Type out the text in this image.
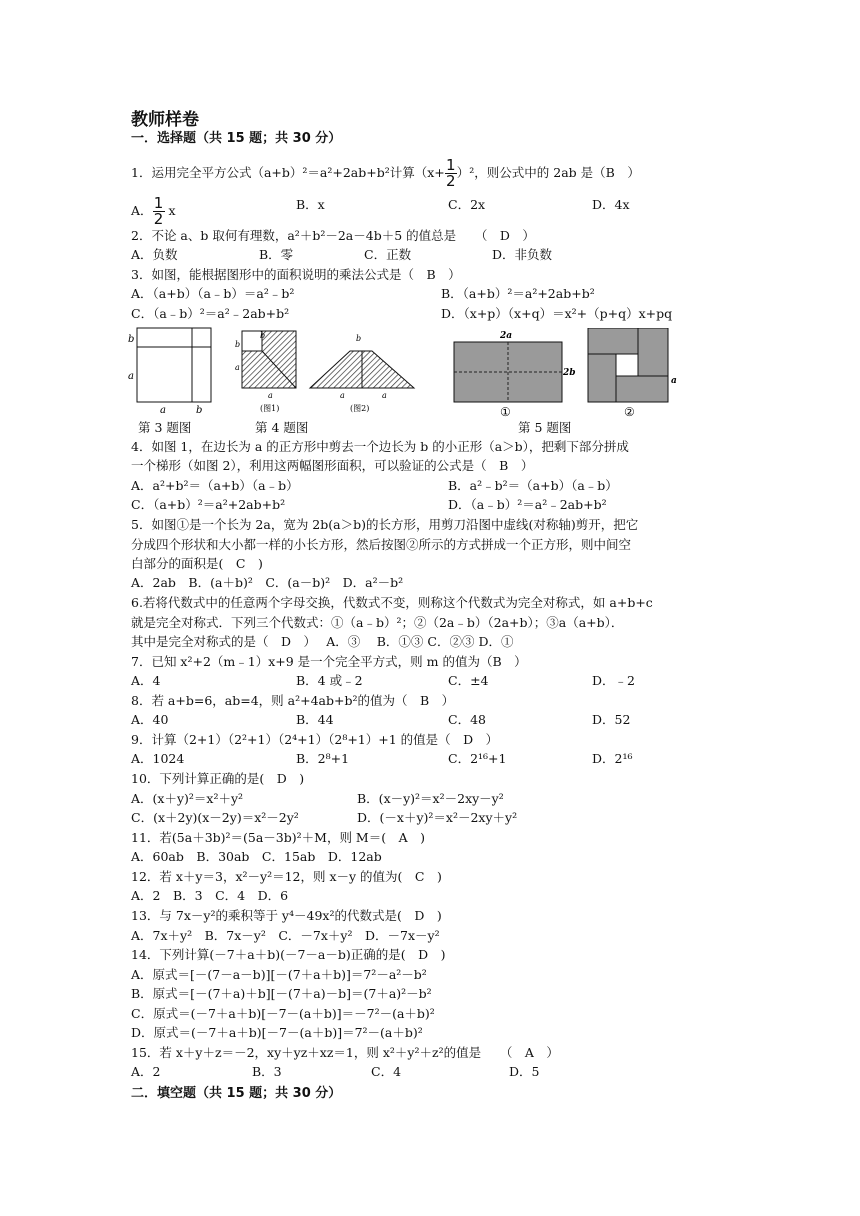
教师样卷
一．选择题（共 15 题；共 30 分）
1．运用完全平方公式（a+b）²＝a²+2ab+b²计算$(x+ \frac{1}{2} )^2$，则公式中的 2ab 是（B　）
A． $\frac{1}{2}$ x	B．x	C．2x	D．4x
2．不论 a、b 取何有理数，a²＋b²－2a－4b＋5 的值总是　　（　D　）
A．负数	B．零	C．正数	D．非负数
3．如图，能根据图形中的面积说明的乘法公式是（　B　）
A．（a+b）（a﹣b）＝a²﹣b²	B．（a+b）²＝a²+2ab+b²
C．（a﹣b）²＝a²﹣2ab+b²	D．（x+p）（x+q）＝x²+（p+q）x+pq
b
a
a	b
b
b
a
a
(图1)
b
a	a
(图2)
2a
2b
①
a
②
第 3 题图	第 4 题图	第 5 题图
4．如图 1，在边长为 a 的正方形中剪去一个边长为 b 的小正形（a＞b），把剩下部分拼成
一个梯形（如图 2），利用这两幅图形面积，可以验证的公式是（　B　）
A．a²+b²＝（a+b）（a﹣b）	B．a²﹣b²＝（a+b）（a﹣b）
C．（a+b）²＝a²+2ab+b²	D．（a﹣b）²＝a²﹣2ab+b²
5．如图①是一个长为 2a，宽为 2b(a＞b)的长方形，用剪刀沿图中虚线(对称轴)剪开，把它
分成四个形状和大小都一样的小长方形，然后按图②所示的方式拼成一个正方形，则中间空
白部分的面积是(　C　)
A．2ab　B．(a＋b)²　C．(a－b)²　D．a²－b²
6.若将代数式中的任意两个字母交换，代数式不变，则称这个代数式为完全对称式，如 a+b+c
就是完全对称式．下列三个代数式：①（a﹣b）²；②（2a﹣b）（2a+b）；③a（a+b）．
其中是完全对称式的是（　D　）　 A．③　 B．①③ C．②③ D．①
7．已知 x²+2（m﹣1）x+9 是一个完全平方式，则 m 的值为（B　）
A．4	B．4 或﹣2	C．±4	D．﹣2
8．若 a+b=6，ab=4，则 a²+4ab+b²的值为（　B　）
A．40	B．44	C．48	D．52
9．计算（2+1）（2²+1）（2⁴+1）（2⁸+1）+1 的值是（　D　）
A．1024	B．2⁸+1	C．2¹⁶+1	D．2¹⁶
10．下列计算正确的是(　D　)
A．(x＋y)²＝x²＋y²	B．(x－y)²＝x²－2xy－y²
C．(x＋2y)(x－2y)＝x²－2y²	D．(－x＋y)²＝x²－2xy＋y²
11．若(5a＋3b)²＝(5a－3b)²＋M，则 M＝(　A　)
A．60ab　B．30ab　C．15ab　D．12ab
12．若 x＋y＝3，x²－y²＝12，则 x－y 的值为(　C　)
A．2　B．3　C．4　D．6
13．与 7x－y²的乘积等于 y⁴－49x²的代数式是(　D　)
A．7x＋y²　B．7x－y²　C．－7x＋y²　D．－7x－y²
14．下列计算(－7＋a＋b)(－7－a－b)正确的是(　D　)
A．原式＝[－(7－a－b)][－(7＋a＋b)]＝7²－a²－b²
B．原式＝[－(7＋a)＋b][－(7＋a)－b]＝(7＋a)²－b²
C．原式＝(－7＋a＋b)[－7－(a＋b)]＝－7²－(a＋b)²
D．原式＝(－7＋a＋b)[－7－(a＋b)]＝7²－(a＋b)²
15．若 x＋y＋z＝－2，xy＋yz＋xz＝1，则 x²＋y²＋z²的值是　　（　A　）
A．2	B．3	C．4	D．5
二．填空题（共 15 题；共 30 分）
